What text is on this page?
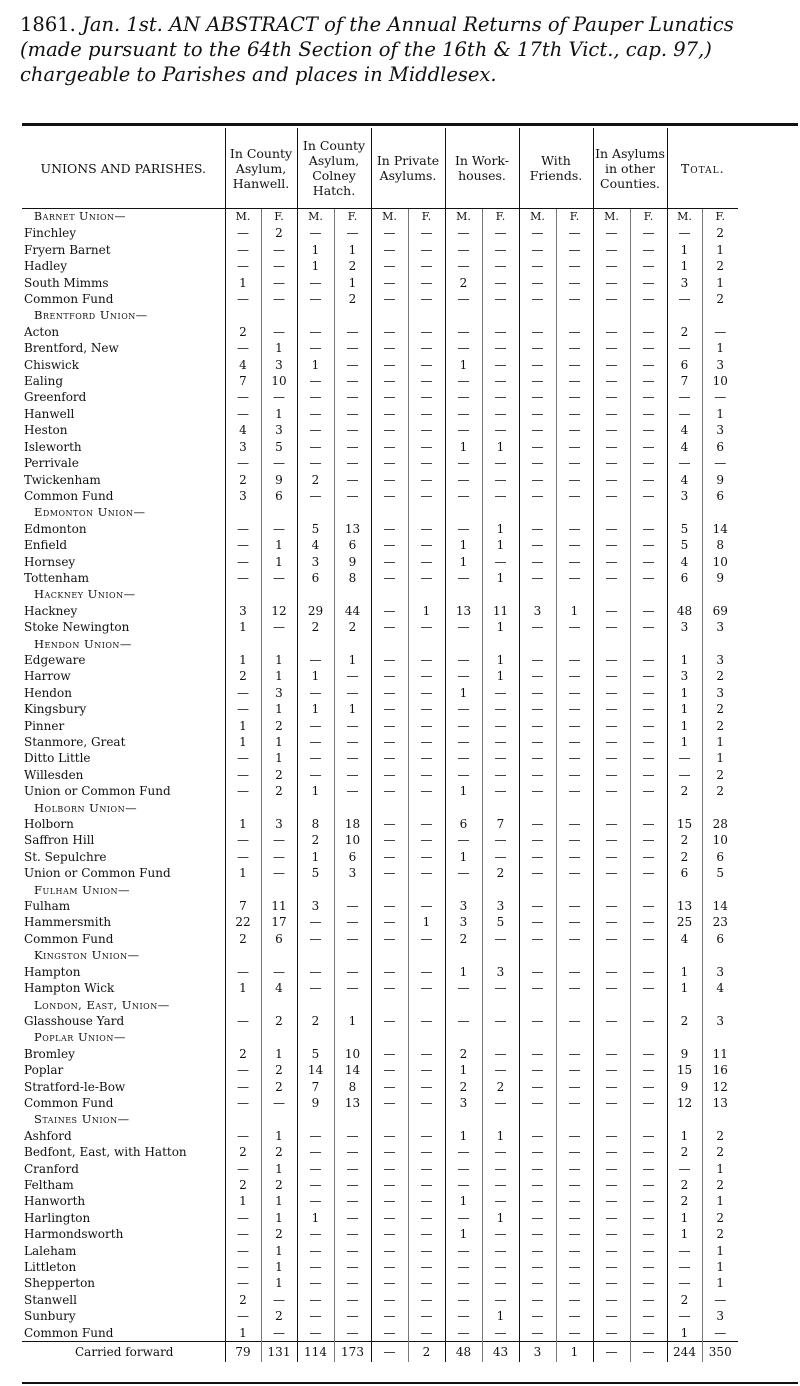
1861. Jan. 1st. AN ABSTRACT of the Annual Returns of Pauper Lunatics (made pursuant to the 64th Section of the 16th & 17th Vict., cap. 97,) chargeable to Parishes and places in Middlesex.
UNIONS AND PARISHES.	In County Asylum, Hanwell.		In County Asylum, Colney Hatch.		In Private Asylums.		In Work-houses.		With Friends.		In Asylums in other Counties.		Total.	
Barnet Union—	M.	F.	M.	F.	M.	F.	M.	F.	M.	F.	M.	F.	M.	F.
Finchley	—	2	—	—	—	—	—	—	—	—	—	—	—	2
Fryern Barnet	—	—	1	1	—	—	—	—	—	—	—	—	1	1
Hadley	—	—	1	2	—	—	—	—	—	—	—	—	1	2
South Mimms	1	—	—	1	—	—	2	—	—	—	—	—	3	1
Common Fund	—	—	—	2	—	—	—	—	—	—	—	—	—	2
Brentford Union—														
Acton	2	—	—	—	—	—	—	—	—	—	—	—	2	—
Brentford, New	—	1	—	—	—	—	—	—	—	—	—	—	—	1
Chiswick	4	3	1	—	—	—	1	—	—	—	—	—	6	3
Ealing	7	10	—	—	—	—	—	—	—	—	—	—	7	10
Greenford	—	—	—	—	—	—	—	—	—	—	—	—	—	—
Hanwell	—	1	—	—	—	—	—	—	—	—	—	—	—	1
Heston	4	3	—	—	—	—	—	—	—	—	—	—	4	3
Isleworth	3	5	—	—	—	—	1	1	—	—	—	—	4	6
Perrivale	—	—	—	—	—	—	—	—	—	—	—	—	—	—
Twickenham	2	9	2	—	—	—	—	—	—	—	—	—	4	9
Common Fund	3	6	—	—	—	—	—	—	—	—	—	—	3	6
Edmonton Union—														
Edmonton	—	—	5	13	—	—	—	1	—	—	—	—	5	14
Enfield	—	1	4	6	—	—	1	1	—	—	—	—	5	8
Hornsey	—	1	3	9	—	—	1	—	—	—	—	—	4	10
Tottenham	—	—	6	8	—	—	—	1	—	—	—	—	6	9
Hackney Union—														
Hackney	3	12	29	44	—	1	13	11	3	1	—	—	48	69
Stoke Newington	1	—	2	2	—	—	—	1	—	—	—	—	3	3
Hendon Union—														
Edgeware	1	1	—	1	—	—	—	1	—	—	—	—	1	3
Harrow	2	1	1	—	—	—	—	1	—	—	—	—	3	2
Hendon	—	3	—	—	—	—	1	—	—	—	—	—	1	3
Kingsbury	—	1	1	1	—	—	—	—	—	—	—	—	1	2
Pinner	1	2	—	—	—	—	—	—	—	—	—	—	1	2
Stanmore, Great	1	1	—	—	—	—	—	—	—	—	—	—	1	1
Ditto Little	—	1	—	—	—	—	—	—	—	—	—	—	—	1
Willesden	—	2	—	—	—	—	—	—	—	—	—	—	—	2
Union or Common Fund	—	2	1	—	—	—	1	—	—	—	—	—	2	2
Holborn Union—														
Holborn	1	3	8	18	—	—	6	7	—	—	—	—	15	28
Saffron Hill	—	—	2	10	—	—	—	—	—	—	—	—	2	10
St. Sepulchre	—	—	1	6	—	—	1	—	—	—	—	—	2	6
Union or Common Fund	1	—	5	3	—	—	—	2	—	—	—	—	6	5
Fulham Union—														
Fulham	7	11	3	—	—	—	3	3	—	—	—	—	13	14
Hammersmith	22	17	—	—	—	1	3	5	—	—	—	—	25	23
Common Fund	2	6	—	—	—	—	2	—	—	—	—	—	4	6
Kingston Union—														
Hampton	—	—	—	—	—	—	1	3	—	—	—	—	1	3
Hampton Wick	1	4	—	—	—	—	—	—	—	—	—	—	1	4
London, East, Union—														
Glasshouse Yard	—	2	2	1	—	—	—	—	—	—	—	—	2	3
Poplar Union—														
Bromley	2	1	5	10	—	—	2	—	—	—	—	—	9	11
Poplar	—	2	14	14	—	—	1	—	—	—	—	—	15	16
Stratford-le-Bow	—	2	7	8	—	—	2	2	—	—	—	—	9	12
Common Fund	—	—	9	13	—	—	3	—	—	—	—	—	12	13
Staines Union—														
Ashford	—	1	—	—	—	—	1	1	—	—	—	—	1	2
Bedfont, East, with Hatton	2	2	—	—	—	—	—	—	—	—	—	—	2	2
Cranford	—	1	—	—	—	—	—	—	—	—	—	—	—	1
Feltham	2	2	—	—	—	—	—	—	—	—	—	—	2	2
Hanworth	1	1	—	—	—	—	1	—	—	—	—	—	2	1
Harlington	—	1	1	—	—	—	—	1	—	—	—	—	1	2
Harmondsworth	—	2	—	—	—	—	1	—	—	—	—	—	1	2
Laleham	—	1	—	—	—	—	—	—	—	—	—	—	—	1
Littleton	—	1	—	—	—	—	—	—	—	—	—	—	—	1
Shepperton	—	1	—	—	—	—	—	—	—	—	—	—	—	1
Stanwell	2	—	—	—	—	—	—	—	—	—	—	—	2	—
Sunbury	—	2	—	—	—	—	—	1	—	—	—	—	—	3
Common Fund	1	—	—	—	—	—	—	—	—	—	—	—	1	—
Carried forward	79	131	114	173	—	2	48	43	3	1	—	—	244	350
